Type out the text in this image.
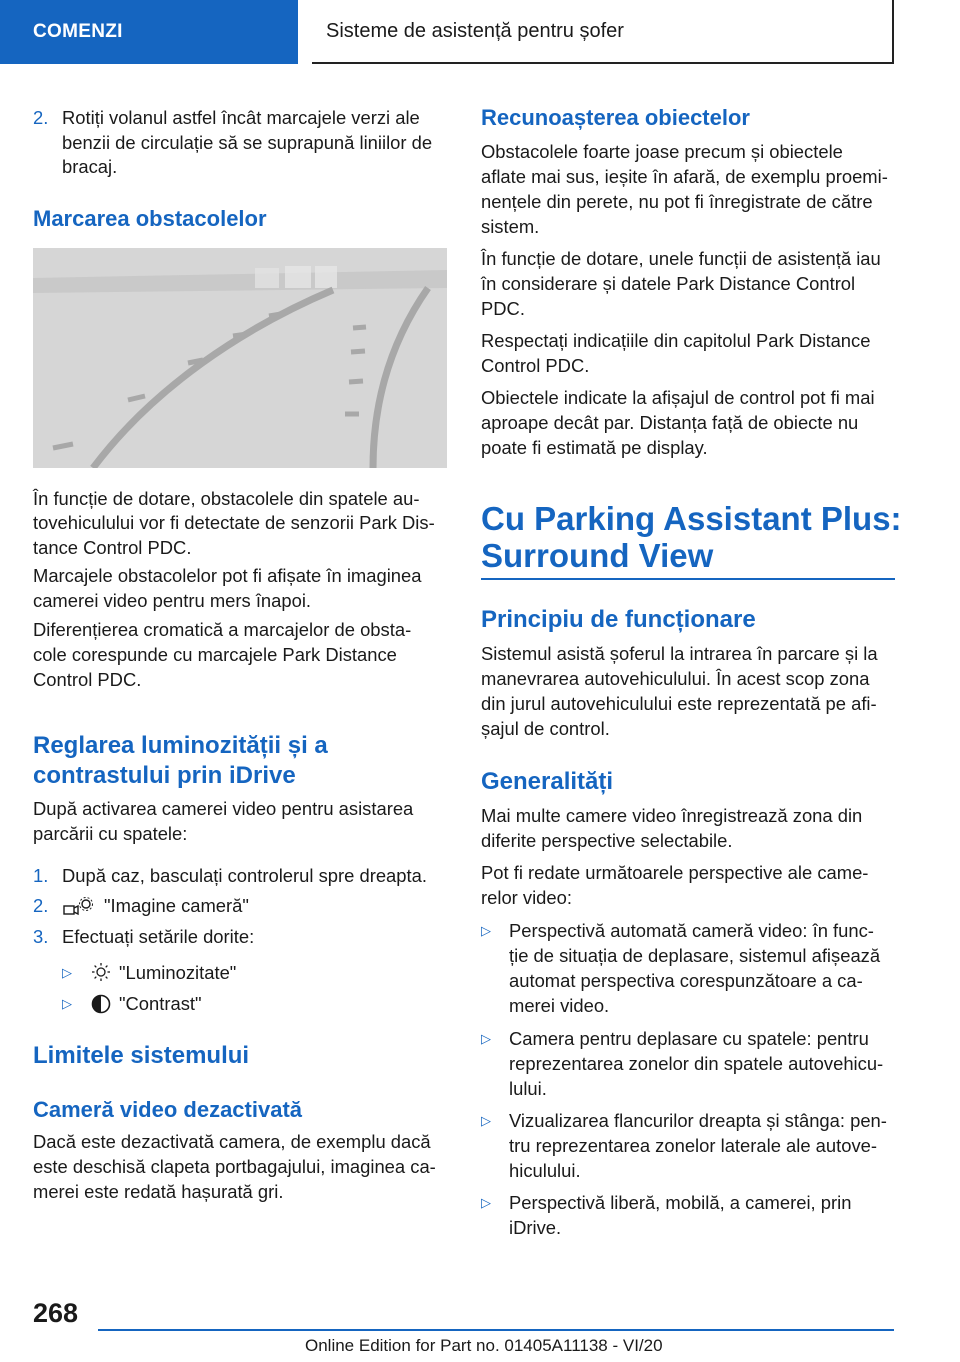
COMENZI	Sisteme de asistență pentru șofer
2. Rotiți volanul astfel încât marcajele verzi ale

benzii de circulație să se suprapună liniilor de

bracaj.

Marcarea obstacolelor

În funcție de dotare, obstacolele din spatele au-

tovehiculului vor fi detectate de senzorii Park Dis-

tance Control PDC.

Marcajele obstacolelor pot fi afișate în imaginea

camerei video pentru mers înapoi.

Diferențierea cromatică a marcajelor de obsta-

cole corespunde cu marcajele Park Distance

Control PDC.

Reglarea luminozității și a
contrastului prin iDrive

După activarea camerei video pentru asistarea

parcării cu spatele:

1. După caz, basculați controlerul spre dreapta.

2.	"Imagine cameră"

3. Efectuați setările dorite:

▷	"Luminozitate"

▷	"Contrast"

Limitele sistemului
Cameră video dezactivată

Dacă este dezactivată camera, de exemplu dacă

este deschisă clapeta portbagajului, imaginea ca-

merei este redată hașurată gri.

Recunoașterea obiectelor

Obstacolele foarte joase precum și obiectele

aflate mai sus, ieșite în afară, de exemplu proemi-

nențele din perete, nu pot fi înregistrate de către

sistem.

În funcție de dotare, unele funcții de asistență iau

în considerare și datele Park Distance Control

PDC.

Respectați indicațiile din capitolul Park Distance

Control PDC.

Obiectele indicate la afișajul de control pot fi mai

aproape decât par. Distanța față de obiecte nu

poate fi estimată pe display.

Cu Parking Assistant Plus:
Surround View
Principiu de funcționare

Sistemul asistă șoferul la intrarea în parcare și la

manevrarea autovehiculului. În acest scop zona

din jurul autovehiculului este reprezentată pe afi-

șajul de control.

Generalități

Mai multe camere video înregistrează zona din

diferite perspective selectabile.

Pot fi redate următoarele perspective ale came-

relor video:

▷ Perspectivă automată cameră video: în func-

ție de situația de deplasare, sistemul afișează

automat perspectiva corespunzătoare a ca-

merei video.

▷ Camera pentru deplasare cu spatele: pentru

reprezentarea zonelor din spatele autovehicu-

lului.

▷ Vizualizarea flancurilor dreapta și stânga: pen-

tru reprezentarea zonelor laterale ale autove-

hiculului.

▷ Perspectivă liberă, mobilă, a camerei, prin

iDrive.

268
Online Edition for Part no. 01405A11138 - VI/20
